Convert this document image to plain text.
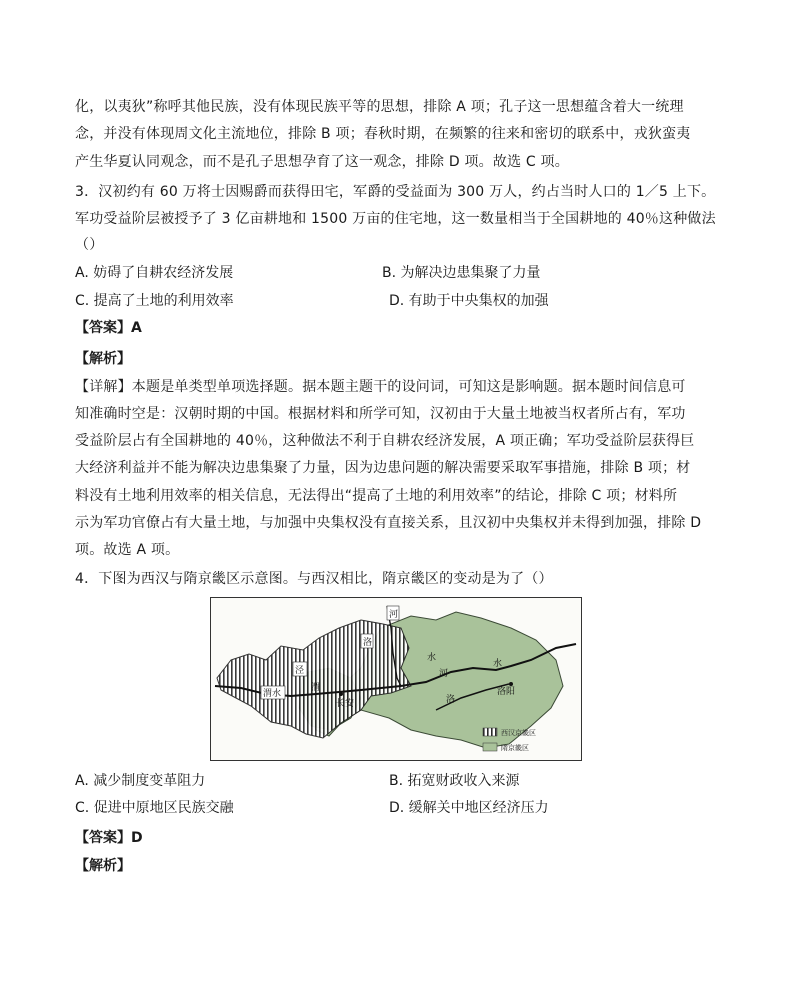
化，以夷狄”称呼其他民族，没有体现民族平等的思想，排除 A 项；孔子这一思想蕴含着大一统理
念，并没有体现周文化主流地位，排除 B 项；春秋时期，在频繁的往来和密切的联系中，戎狄蛮夷
产生华夏认同观念，而不是孔子思想孕育了这一观念，排除 D 项。故选 C 项。
3．汉初约有 60 万将士因赐爵而获得田宅，军爵的受益面为 300 万人，约占当时人口的 1／5 上下。
军功受益阶层被授予了 3 亿亩耕地和 1500 万亩的住宅地，这一数量相当于全国耕地的 40％这种做法
（）
A. 妨碍了自耕农经济发展	B. 为解决边患集聚了力量
C. 提高了土地的利用效率	D. 有助于中央集权的加强
【答案】A
【解析】
【详解】本题是单类型单项选择题。据本题主题干的设问词，可知这是影响题。据本题时间信息可
知准确时空是：汉朝时期的中国。根据材料和所学可知，汉初由于大量土地被当权者所占有，军功
受益阶层占有全国耕地的 40％，这种做法不利于自耕农经济发展，A 项正确；军功受益阶层获得巨
大经济利益并不能为解决边患集聚了力量，因为边患问题的解决需要采取军事措施，排除 B 项；材
料没有土地利用效率的相关信息，无法得出“提高了土地的利用效率”的结论，排除 C 项；材料所
示为军功官僚占有大量土地，与加强中央集权没有直接关系，且汉初中央集权并未得到加强，排除 D
项。故选 A 项。
4．下图为西汉与隋京畿区示意图。与西汉相比，隋京畿区的变动是为了（）
河
泾
洛
渭水
渭
水
河
水
洛阳
长安	洛
西汉京畿区
隋京畿区
A. 减少制度变革阻力	B. 拓宽财政收入来源
C. 促进中原地区民族交融	D. 缓解关中地区经济压力
【答案】D
【解析】
